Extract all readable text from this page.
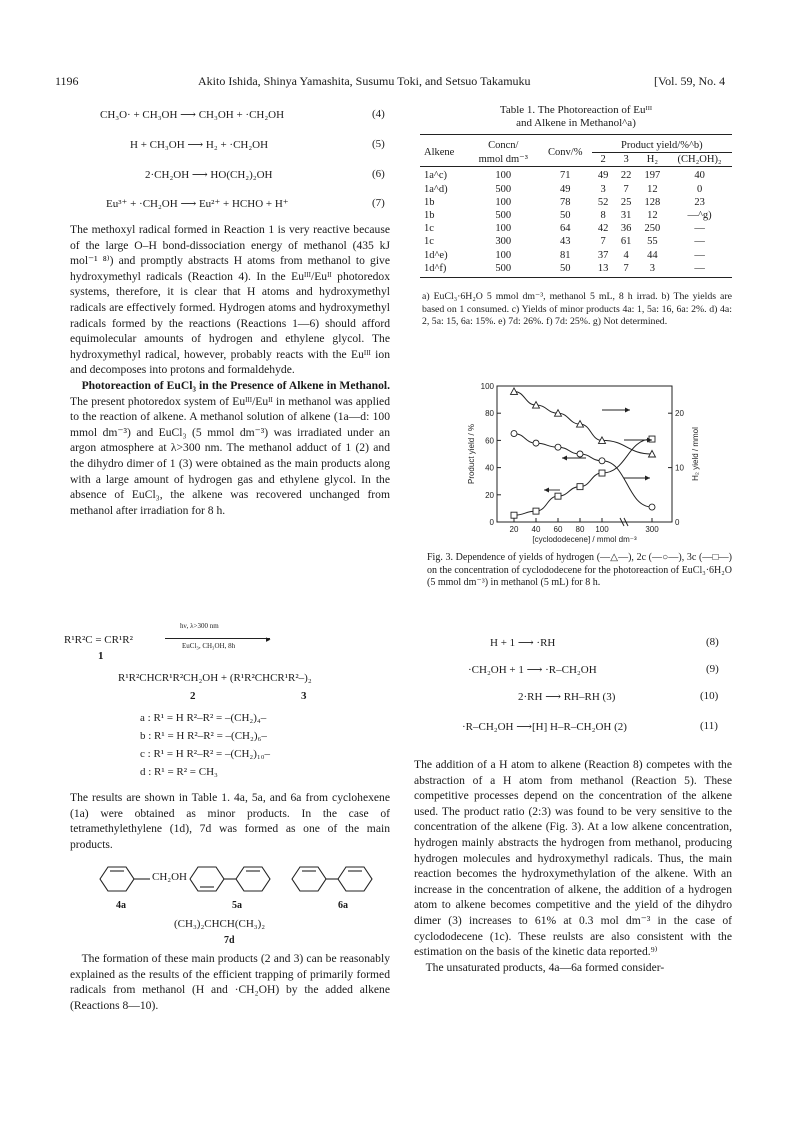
1196	Akito Ishida, Shinya Yamashita, Susumu Toki, and Setsuo Takamuku	[Vol. 59, No. 4
CH₃O· + CH₃OH ⟶ CH₃OH + ·CH₂OH	(4)
H + CH₃OH ⟶ H₂ + ·CH₂OH	(5)
2·CH₂OH ⟶ HO(CH₂)₂OH	(6)
Eu³⁺ + ·CH₂OH ⟶ Eu²⁺ + HCHO + H⁺	(7)

The methoxyl radical formed in Reaction 1 is very reactive because of the large O–H bond-dissociation energy of methanol (435 kJ mol⁻¹ ⁸⁾) and promptly abstracts H atoms from methanol to give hydroxymethyl radicals (Reaction 4). In the Euᴵᴵᴵ/Euᴵᴵ photoredox systems, therefore, it is clear that H atoms and hydroxymethyl radicals are effectively formed. Hydrogen atoms and hydroxymethyl radicals formed by the reactions (Reactions 1—6) should afford equimolecular amounts of hydrogen and ethylene glycol. The hydroxymethyl radical, however, probably reacts with the Euᴵᴵᴵ ion and decomposes into protons and formaldehyde.

Photoreaction of EuCl₃ in the Presence of Alkene in Methanol. The present photoredox system of Euᴵᴵᴵ/Euᴵᴵ in methanol was applied to the reaction of alkene. A methanol solution of alkene (1a—d: 100 mmol dm⁻³) and EuCl₃ (5 mmol dm⁻³) was irradiated under an argon atmosphere at λ>300 nm. The methanol adduct of 1 (2) and the dihydro dimer of 1 (3) were obtained as the main products along with a large amount of hydrogen gas and ethylene glycol. In the absence of EuCl₃, the alkene was recovered unchanged from methanol after irradiation for 8 h.

R¹R²C = CR¹R²
hν, λ>300 nm
▸
EuCl₃, CH₃OH, 8h
1
R¹R²CHCR¹R²CH₂OH + (R¹R²CHCR¹R²–)₂
2	3
a : R¹ = H R²–R² = –(CH₂)₄–
b : R¹ = H R²–R² = –(CH₂)₆–
c : R¹ = H R²–R² = –(CH₂)₁₀–
d : R¹ = R² = CH₃

The results are shown in Table 1. 4a, 5a, and 6a from cyclohexene (1a) were obtained as minor products. In the case of tetramethylethylene (1d), 7d was formed as one of the main products.

CH₂OH
4a	5a	6a
(CH₃)₂CHCH(CH₃)₂
7d

The formation of these main products (2 and 3) can be reasonably explained as the results of the efficient trapping of primarily formed radicals from methanol (H and ·CH₂OH) by the added alkene (Reactions 8—10).

Table 1. The Photoreaction of Euᴵᴵᴵ
and Alkene in Methanol^a)
Alkene	Concn/	Conv/%	Product yield/%^b)			
	mmol dm⁻³		2	3	H₂	(CH₂OH)₂
1a^c)	100	71	49	22	197	40
1a^d)	500	49	3	7	12	0
1b	100	78	52	25	128	23
1b	500	50	8	31	12	—^g)
1c	100	64	42	36	250	—
1c	300	43	7	61	55	—
1d^e)	100	81	37	4	44	—
1d^f)	500	50	13	7	3	—
a) EuCl₃·6H₂O 5 mmol dm⁻³, methanol 5 mL, 8 h irrad. b) The yields are based on 1 consumed. c) Yields of minor products 4a: 1, 5a: 16, 6a: 2%. d) 4a: 2, 5a: 15, 6a: 15%. e) 7d: 26%. f) 7d: 25%. g) Not determined.
0
20
40
60
80
100
0
10
20
20 40 60 80 100	300
[cyclododecene] / mmol dm⁻³
Product yield / %	H₂ yield / mmol
Fig. 3. Dependence of yields of hydrogen (—△—), 2c (—○—), 3c (—□—) on the concentration of cyclododecene for the photoreaction of EuCl₃·6H₂O (5 mmol dm⁻³) in methanol (5 mL) for 8 h.
H + 1 ⟶ ·RH	(8)
·CH₂OH + 1 ⟶ ·R–CH₂OH	(9)
2·RH ⟶ RH–RH (3)	(10)
·R–CH₂OH ⟶[H] H–R–CH₂OH (2)	(11)

The addition of a H atom to alkene (Reaction 8) competes with the abstraction of a H atom from methanol (Reaction 5). These competitive processes depend on the concentration of the alkene used. The product ratio (2:3) was found to be very sensitive to the concentration of the alkene (Fig. 3). At a low alkene concentration, hydrogen mainly abstracts the hydrogen from methanol, producing hydrogen molecules and hydroxymethyl radicals. Thus, the main reaction becomes the hydroxymethylation of the alkene. With an increase in the concentration of alkene, the addition of a hydrogen atom to alkene becomes competitive and the yield of the dihydro dimer (3) increases to 61% at 0.3 mol dm⁻³ in the case of cyclododecene (1c). These reulsts are also consistent with the estimation on the basis of the kinetic data reported.⁹⁾

The unsaturated products, 4a—6a formed consider-
